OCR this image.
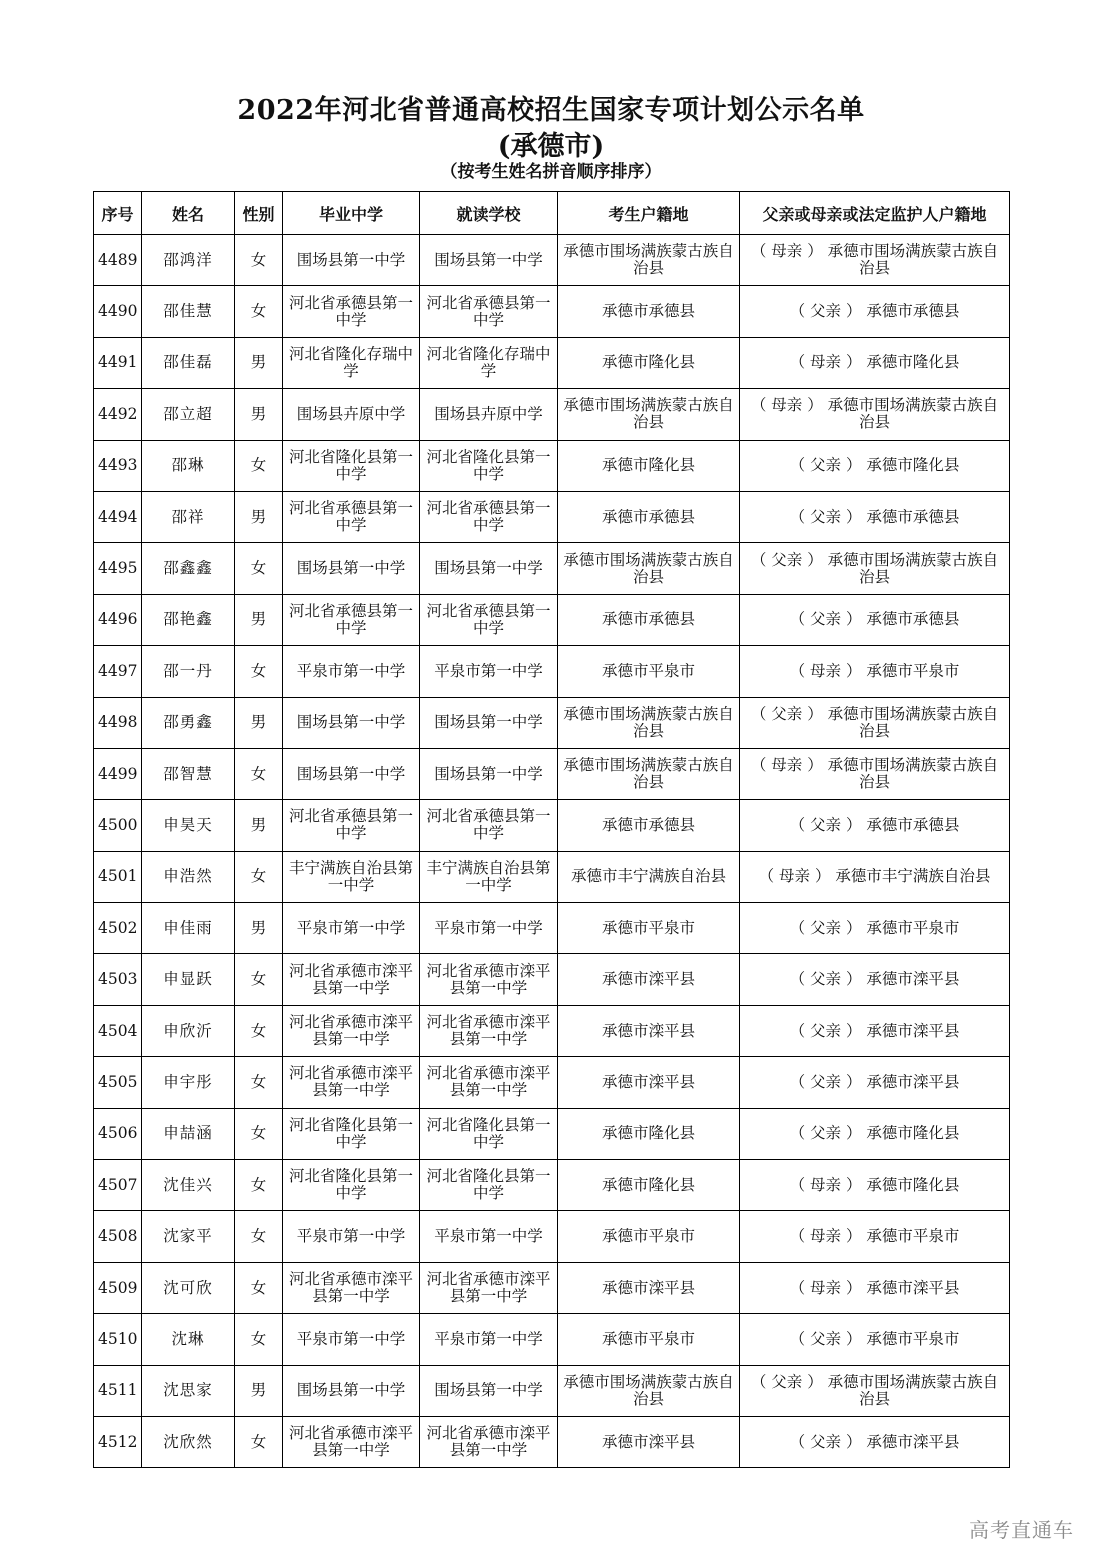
2022年河北省普通高校招生国家专项计划公示名单
(承德市)
（按考生姓名拼音顺序排序）
序号	姓名	性别	毕业中学	就读学校	考生户籍地	父亲或母亲或法定监护人户籍地
4489	邵鸿洋	女	围场县第一中学	围场县第一中学	承德市围场满族蒙古族自治县	（ 母亲 ） 承德市围场满族蒙古族自治县
4490	邵佳慧	女	河北省承德县第一中学	河北省承德县第一中学	承德市承德县	（ 父亲 ） 承德市承德县
4491	邵佳磊	男	河北省隆化存瑞中学	河北省隆化存瑞中学	承德市隆化县	（ 母亲 ） 承德市隆化县
4492	邵立超	男	围场县卉原中学	围场县卉原中学	承德市围场满族蒙古族自治县	（ 母亲 ） 承德市围场满族蒙古族自治县
4493	邵琳	女	河北省隆化县第一中学	河北省隆化县第一中学	承德市隆化县	（ 父亲 ） 承德市隆化县
4494	邵祥	男	河北省承德县第一中学	河北省承德县第一中学	承德市承德县	（ 父亲 ） 承德市承德县
4495	邵鑫鑫	女	围场县第一中学	围场县第一中学	承德市围场满族蒙古族自治县	（ 父亲 ） 承德市围场满族蒙古族自治县
4496	邵艳鑫	男	河北省承德县第一中学	河北省承德县第一中学	承德市承德县	（ 父亲 ） 承德市承德县
4497	邵一丹	女	平泉市第一中学	平泉市第一中学	承德市平泉市	（ 母亲 ） 承德市平泉市
4498	邵勇鑫	男	围场县第一中学	围场县第一中学	承德市围场满族蒙古族自治县	（ 父亲 ） 承德市围场满族蒙古族自治县
4499	邵智慧	女	围场县第一中学	围场县第一中学	承德市围场满族蒙古族自治县	（ 母亲 ） 承德市围场满族蒙古族自治县
4500	申昊天	男	河北省承德县第一中学	河北省承德县第一中学	承德市承德县	（ 父亲 ） 承德市承德县
4501	申浩然	女	丰宁满族自治县第一中学	丰宁满族自治县第一中学	承德市丰宁满族自治县	（ 母亲 ） 承德市丰宁满族自治县
4502	申佳雨	男	平泉市第一中学	平泉市第一中学	承德市平泉市	（ 父亲 ） 承德市平泉市
4503	申显跃	女	河北省承德市滦平县第一中学	河北省承德市滦平县第一中学	承德市滦平县	（ 父亲 ） 承德市滦平县
4504	申欣沂	女	河北省承德市滦平县第一中学	河北省承德市滦平县第一中学	承德市滦平县	（ 父亲 ） 承德市滦平县
4505	申宇彤	女	河北省承德市滦平县第一中学	河北省承德市滦平县第一中学	承德市滦平县	（ 父亲 ） 承德市滦平县
4506	申喆涵	女	河北省隆化县第一中学	河北省隆化县第一中学	承德市隆化县	（ 父亲 ） 承德市隆化县
4507	沈佳兴	女	河北省隆化县第一中学	河北省隆化县第一中学	承德市隆化县	（ 母亲 ） 承德市隆化县
4508	沈家平	女	平泉市第一中学	平泉市第一中学	承德市平泉市	（ 母亲 ） 承德市平泉市
4509	沈可欣	女	河北省承德市滦平县第一中学	河北省承德市滦平县第一中学	承德市滦平县	（ 母亲 ） 承德市滦平县
4510	沈琳	女	平泉市第一中学	平泉市第一中学	承德市平泉市	（ 父亲 ） 承德市平泉市
4511	沈思家	男	围场县第一中学	围场县第一中学	承德市围场满族蒙古族自治县	（ 父亲 ） 承德市围场满族蒙古族自治县
4512	沈欣然	女	河北省承德市滦平县第一中学	河北省承德市滦平县第一中学	承德市滦平县	（ 父亲 ） 承德市滦平县
高考直通车
